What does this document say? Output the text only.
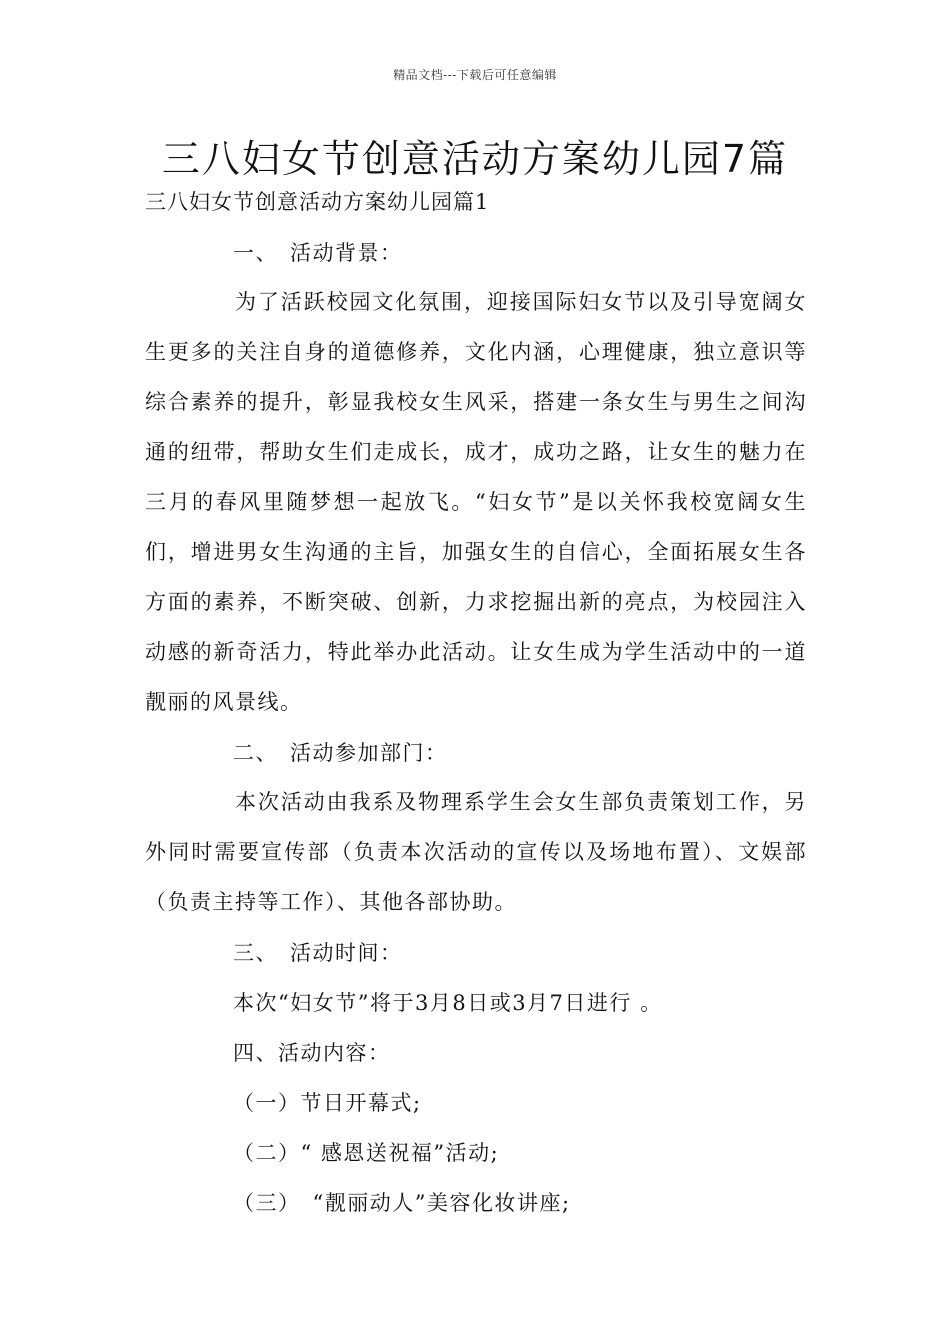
精品文档---下载后可任意编辑
三八妇女节创意活动方案幼儿园7篇
三八妇女节创意活动方案幼儿园篇1
一、　活动背景：

为了活跃校园文化氛围，迎接国际妇女节以及引导宽阔女生更多的关注自身的道德修养，文化内涵，心理健康，独立意识等综合素养的提升，彰显我校女生风采，搭建一条女生与男生之间沟通的纽带，帮助女生们走成长，成才，成功之路，让女生的魅力在三月的春风里随梦想一起放飞。“妇女节”是以关怀我校宽阔女生们，增进男女生沟通的主旨，加强女生的自信心，全面拓展女生各方面的素养，不断突破、创新，力求挖掘出新的亮点，为校园注入动感的新奇活力，特此举办此活动。让女生成为学生活动中的一道靓丽的风景线。

二、　活动参加部门：

本次活动由我系及物理系学生会女生部负责策划工作，另外同时需要宣传部（负责本次活动的宣传以及场地布置）、文娱部（负责主持等工作）、其他各部协助。

三、　活动时间：
本次“妇女节”将于3月8日或3月7日进行 。
四、活动内容：
（一）节日开幕式;
（二）“ 感恩送祝福”活动;
（三）　“靓丽动人”美容化妆讲座;
